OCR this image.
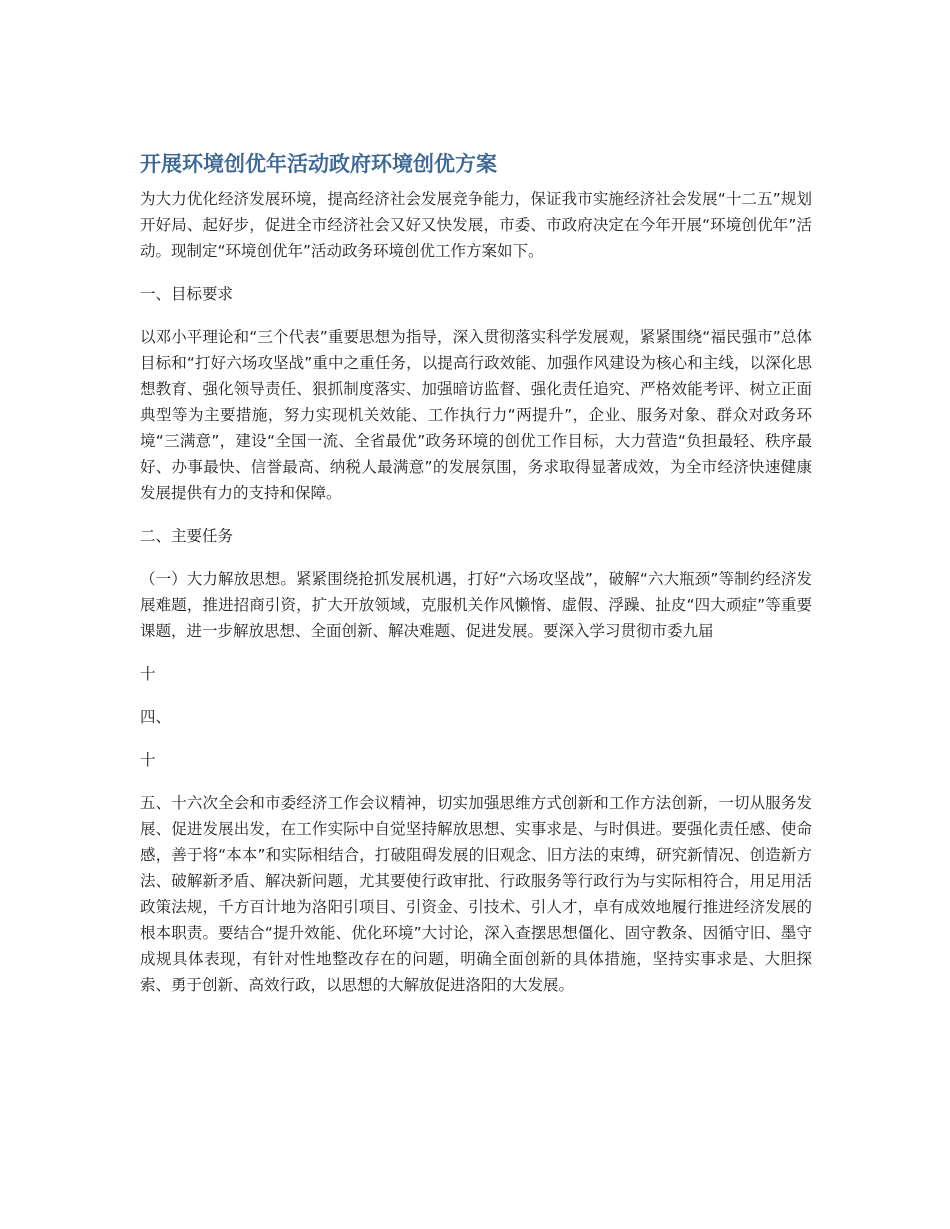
开展环境创优年活动政府环境创优方案

为大力优化经济发展环境，提高经济社会发展竞争能力，保证我市实施经济社会发展“十二五”规划开好局、起好步，促进全市经济社会又好又快发展，市委、市政府决定在今年开展“环境创优年”活动。现制定“环境创优年”活动政务环境创优工作方案如下。

一、目标要求

以邓小平理论和“三个代表”重要思想为指导，深入贯彻落实科学发展观，紧紧围绕“福民强市”总体目标和“打好六场攻坚战”重中之重任务，以提高行政效能、加强作风建设为核心和主线，以深化思想教育、强化领导责任、狠抓制度落实、加强暗访监督、强化责任追究、严格效能考评、树立正面典型等为主要措施，努力实现机关效能、工作执行力“两提升”，企业、服务对象、群众对政务环境“三满意”，建设“全国一流、全省最优”政务环境的创优工作目标，大力营造“负担最轻、秩序最好、办事最快、信誉最高、纳税人最满意”的发展氛围，务求取得显著成效，为全市经济快速健康发展提供有力的支持和保障。

二、主要任务

（一）大力解放思想。紧紧围绕抢抓发展机遇，打好“六场攻坚战”，破解“六大瓶颈”等制约经济发展难题，推进招商引资，扩大开放领域，克服机关作风懒惰、虚假、浮躁、扯皮“四大顽症”等重要课题，进一步解放思想、全面创新、解决难题、促进发展。要深入学习贯彻市委九届

十

四、

十

五、十六次全会和市委经济工作会议精神，切实加强思维方式创新和工作方法创新，一切从服务发展、促进发展出发，在工作实际中自觉坚持解放思想、实事求是、与时俱进。要强化责任感、使命感，善于将“本本”和实际相结合，打破阻碍发展的旧观念、旧方法的束缚，研究新情况、创造新方法、破解新矛盾、解决新问题，尤其要使行政审批、行政服务等行政行为与实际相符合，用足用活政策法规，千方百计地为洛阳引项目、引资金、引技术、引人才，卓有成效地履行推进经济发展的根本职责。要结合“提升效能、优化环境”大讨论，深入查摆思想僵化、固守教条、因循守旧、墨守成规具体表现，有针对性地整改存在的问题，明确全面创新的具体措施，坚持实事求是、大胆探索、勇于创新、高效行政，以思想的大解放促进洛阳的大发展。
